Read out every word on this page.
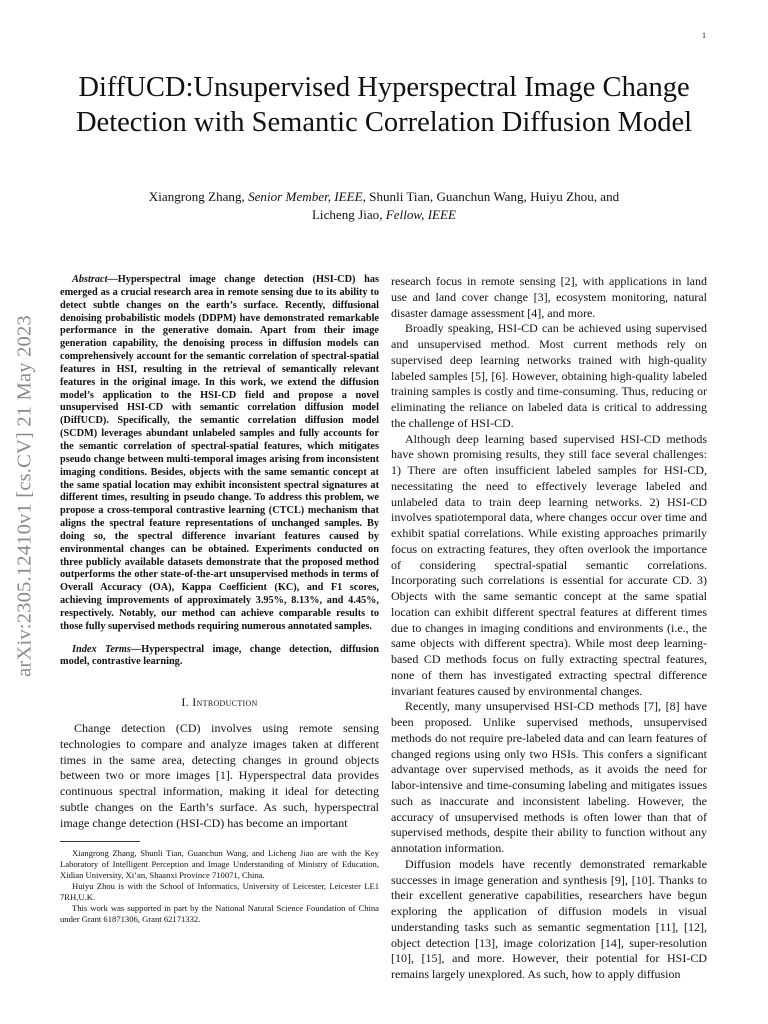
1
arXiv:2305.12410v1 [cs.CV] 21 May 2023
DiffUCD:Unsupervised Hyperspectral Image Change Detection with Semantic Correlation Diffusion Model
Xiangrong Zhang, Senior Member, IEEE, Shunli Tian, Guanchun Wang, Huiyu Zhou, and
Licheng Jiao, Fellow, IEEE

Abstract—Hyperspectral image change detection (HSI-CD) has emerged as a crucial research area in remote sensing due to its ability to detect subtle changes on the earth’s surface. Recently, diffusional denoising probabilistic models (DDPM) have demonstrated remarkable performance in the generative domain. Apart from their image generation capability, the denoising process in diffusion models can comprehensively account for the semantic correlation of spectral-spatial features in HSI, resulting in the retrieval of semantically relevant features in the original image. In this work, we extend the diffusion model’s application to the HSI-CD field and propose a novel unsupervised HSI-CD with semantic correlation diffusion model (DiffUCD). Specifically, the semantic correlation diffusion model (SCDM) leverages abundant unlabeled samples and fully accounts for the semantic correlation of spectral-spatial features, which mitigates pseudo change between multi-temporal images arising from inconsistent imaging conditions. Besides, objects with the same semantic concept at the same spatial location may exhibit inconsistent spectral signatures at different times, resulting in pseudo change. To address this problem, we propose a cross-temporal contrastive learning (CTCL) mechanism that aligns the spectral feature representations of unchanged samples. By doing so, the spectral difference invariant features caused by environmental changes can be obtained. Experiments conducted on three publicly available datasets demonstrate that the proposed method outperforms the other state-of-the-art unsupervised methods in terms of Overall Accuracy (OA), Kappa Coefficient (KC), and F1 scores, achieving improvements of approximately 3.95%, 8.13%, and 4.45%, respectively. Notably, our method can achieve comparable results to those fully supervised methods requiring numerous annotated samples.

Index Terms—Hyperspectral image, change detection, diffusion model, contrastive learning.

I. Introduction

Change detection (CD) involves using remote sensing technologies to compare and analyze images taken at different times in the same area, detecting changes in ground objects between two or more images [1]. Hyperspectral data provides continuous spectral information, making it ideal for detecting subtle changes on the Earth’s surface. As such, hyperspectral image change detection (HSI-CD) has become an important

Xiangrong Zhang, Shunli Tian, Guanchun Wang, and Licheng Jiao are with the Key Laboratory of Intelligent Perception and Image Understanding of Ministry of Education, Xidian University, Xi’an, Shaanxi Province 710071, China.

Huiyu Zhou is with the School of Informatics, University of Leicester, Leicester LE1 7RH,U.K.

This work was supported in part by the National Natural Science Foundation of China under Grant 61871306, Grant 62171332.

research focus in remote sensing [2], with applications in land use and land cover change [3], ecosystem monitoring, natural disaster damage assessment [4], and more.

Broadly speaking, HSI-CD can be achieved using supervised and unsupervised method. Most current methods rely on supervised deep learning networks trained with high-quality labeled samples [5], [6]. However, obtaining high-quality labeled training samples is costly and time-consuming. Thus, reducing or eliminating the reliance on labeled data is critical to addressing the challenge of HSI-CD.

Although deep learning based supervised HSI-CD methods have shown promising results, they still face several challenges: 1) There are often insufficient labeled samples for HSI-CD, necessitating the need to effectively leverage labeled and unlabeled data to train deep learning networks. 2) HSI-CD involves spatiotemporal data, where changes occur over time and exhibit spatial correlations. While existing approaches primarily focus on extracting features, they often overlook the importance of considering spectral-spatial semantic correlations. Incorporating such correlations is essential for accurate CD. 3) Objects with the same semantic concept at the same spatial location can exhibit different spectral features at different times due to changes in imaging conditions and environments (i.e., the same objects with different spectra). While most deep learning-based CD methods focus on fully extracting spectral features, none of them has investigated extracting spectral difference invariant features caused by environmental changes.

Recently, many unsupervised HSI-CD methods [7], [8] have been proposed. Unlike supervised methods, unsupervised methods do not require pre-labeled data and can learn features of changed regions using only two HSIs. This confers a significant advantage over supervised methods, as it avoids the need for labor-intensive and time-consuming labeling and mitigates issues such as inaccurate and inconsistent labeling. However, the accuracy of unsupervised methods is often lower than that of supervised methods, despite their ability to function without any annotation information.

Diffusion models have recently demonstrated remarkable successes in image generation and synthesis [9], [10]. Thanks to their excellent generative capabilities, researchers have begun exploring the application of diffusion models in visual understanding tasks such as semantic segmentation [11], [12], object detection [13], image colorization [14], super-resolution [10], [15], and more. However, their potential for HSI-CD remains largely unexplored. As such, how to apply diffusion
